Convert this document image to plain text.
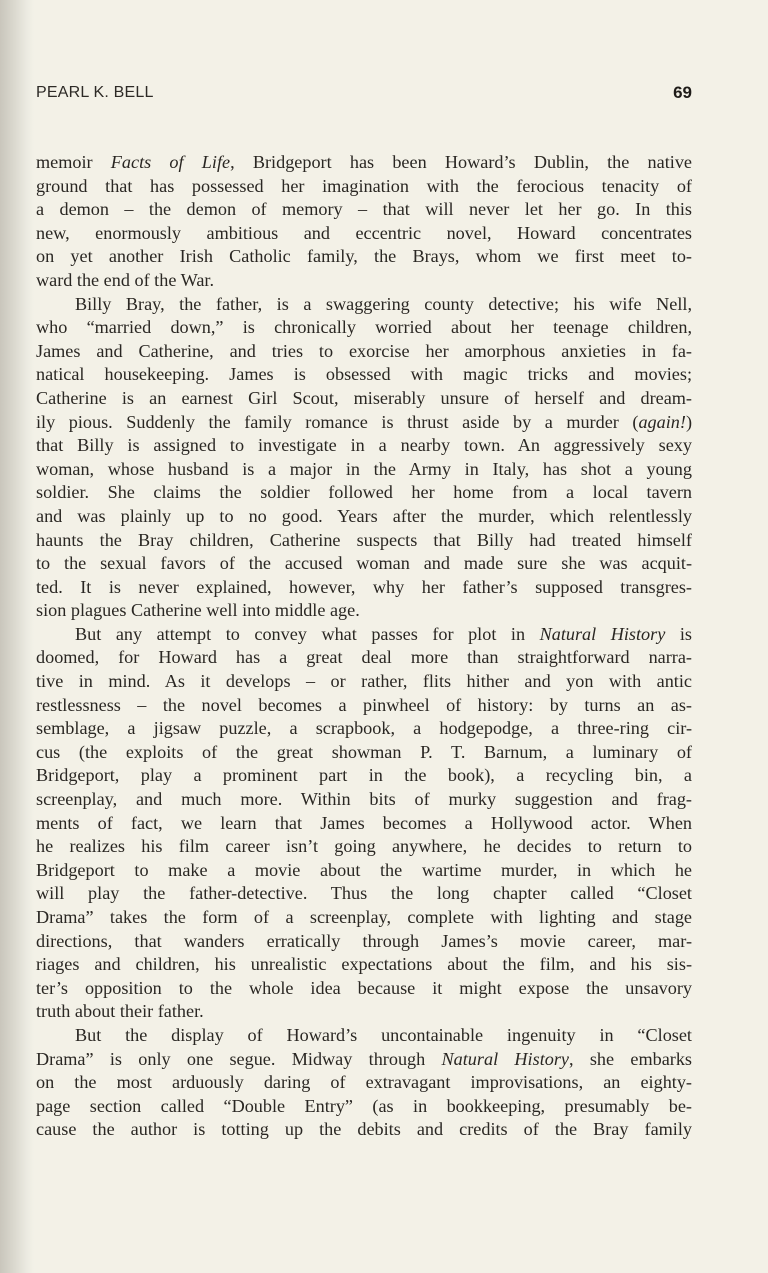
PEARL K. BELL	69
memoir Facts of Life, Bridgeport has been Howard’s Dublin, the native
ground that has possessed her imagination with the ferocious tenacity of
a demon – the demon of memory – that will never let her go. In this
new, enormously ambitious and eccentric novel, Howard concentrates
on yet another Irish Catholic family, the Brays, whom we first meet to-
ward the end of the War.
Billy Bray, the father, is a swaggering county detective; his wife Nell,
who “married down,” is chronically worried about her teenage children,
James and Catherine, and tries to exorcise her amorphous anxieties in fa-
natical housekeeping. James is obsessed with magic tricks and movies;
Catherine is an earnest Girl Scout, miserably unsure of herself and dream-
ily pious. Suddenly the family romance is thrust aside by a murder (again!)
that Billy is assigned to investigate in a nearby town. An aggressively sexy
woman, whose husband is a major in the Army in Italy, has shot a young
soldier. She claims the soldier followed her home from a local tavern
and was plainly up to no good. Years after the murder, which relentlessly
haunts the Bray children, Catherine suspects that Billy had treated himself
to the sexual favors of the accused woman and made sure she was acquit-
ted. It is never explained, however, why her father’s supposed transgres-
sion plagues Catherine well into middle age.
But any attempt to convey what passes for plot in Natural History is
doomed, for Howard has a great deal more than straightforward narra-
tive in mind. As it develops – or rather, flits hither and yon with antic
restlessness – the novel becomes a pinwheel of history: by turns an as-
semblage, a jigsaw puzzle, a scrapbook, a hodgepodge, a three-ring cir-
cus (the exploits of the great showman P. T. Barnum, a luminary of
Bridgeport, play a prominent part in the book), a recycling bin, a
screenplay, and much more. Within bits of murky suggestion and frag-
ments of fact, we learn that James becomes a Hollywood actor. When
he realizes his film career isn’t going anywhere, he decides to return to
Bridgeport to make a movie about the wartime murder, in which he
will play the father-detective. Thus the long chapter called “Closet
Drama” takes the form of a screenplay, complete with lighting and stage
directions, that wanders erratically through James’s movie career, mar-
riages and children, his unrealistic expectations about the film, and his sis-
ter’s opposition to the whole idea because it might expose the unsavory
truth about their father.
But the display of Howard’s uncontainable ingenuity in “Closet
Drama” is only one segue. Midway through Natural History, she embarks
on the most arduously daring of extravagant improvisations, an eighty-
page section called “Double Entry” (as in bookkeeping, presumably be-
cause the author is totting up the debits and credits of the Bray family
